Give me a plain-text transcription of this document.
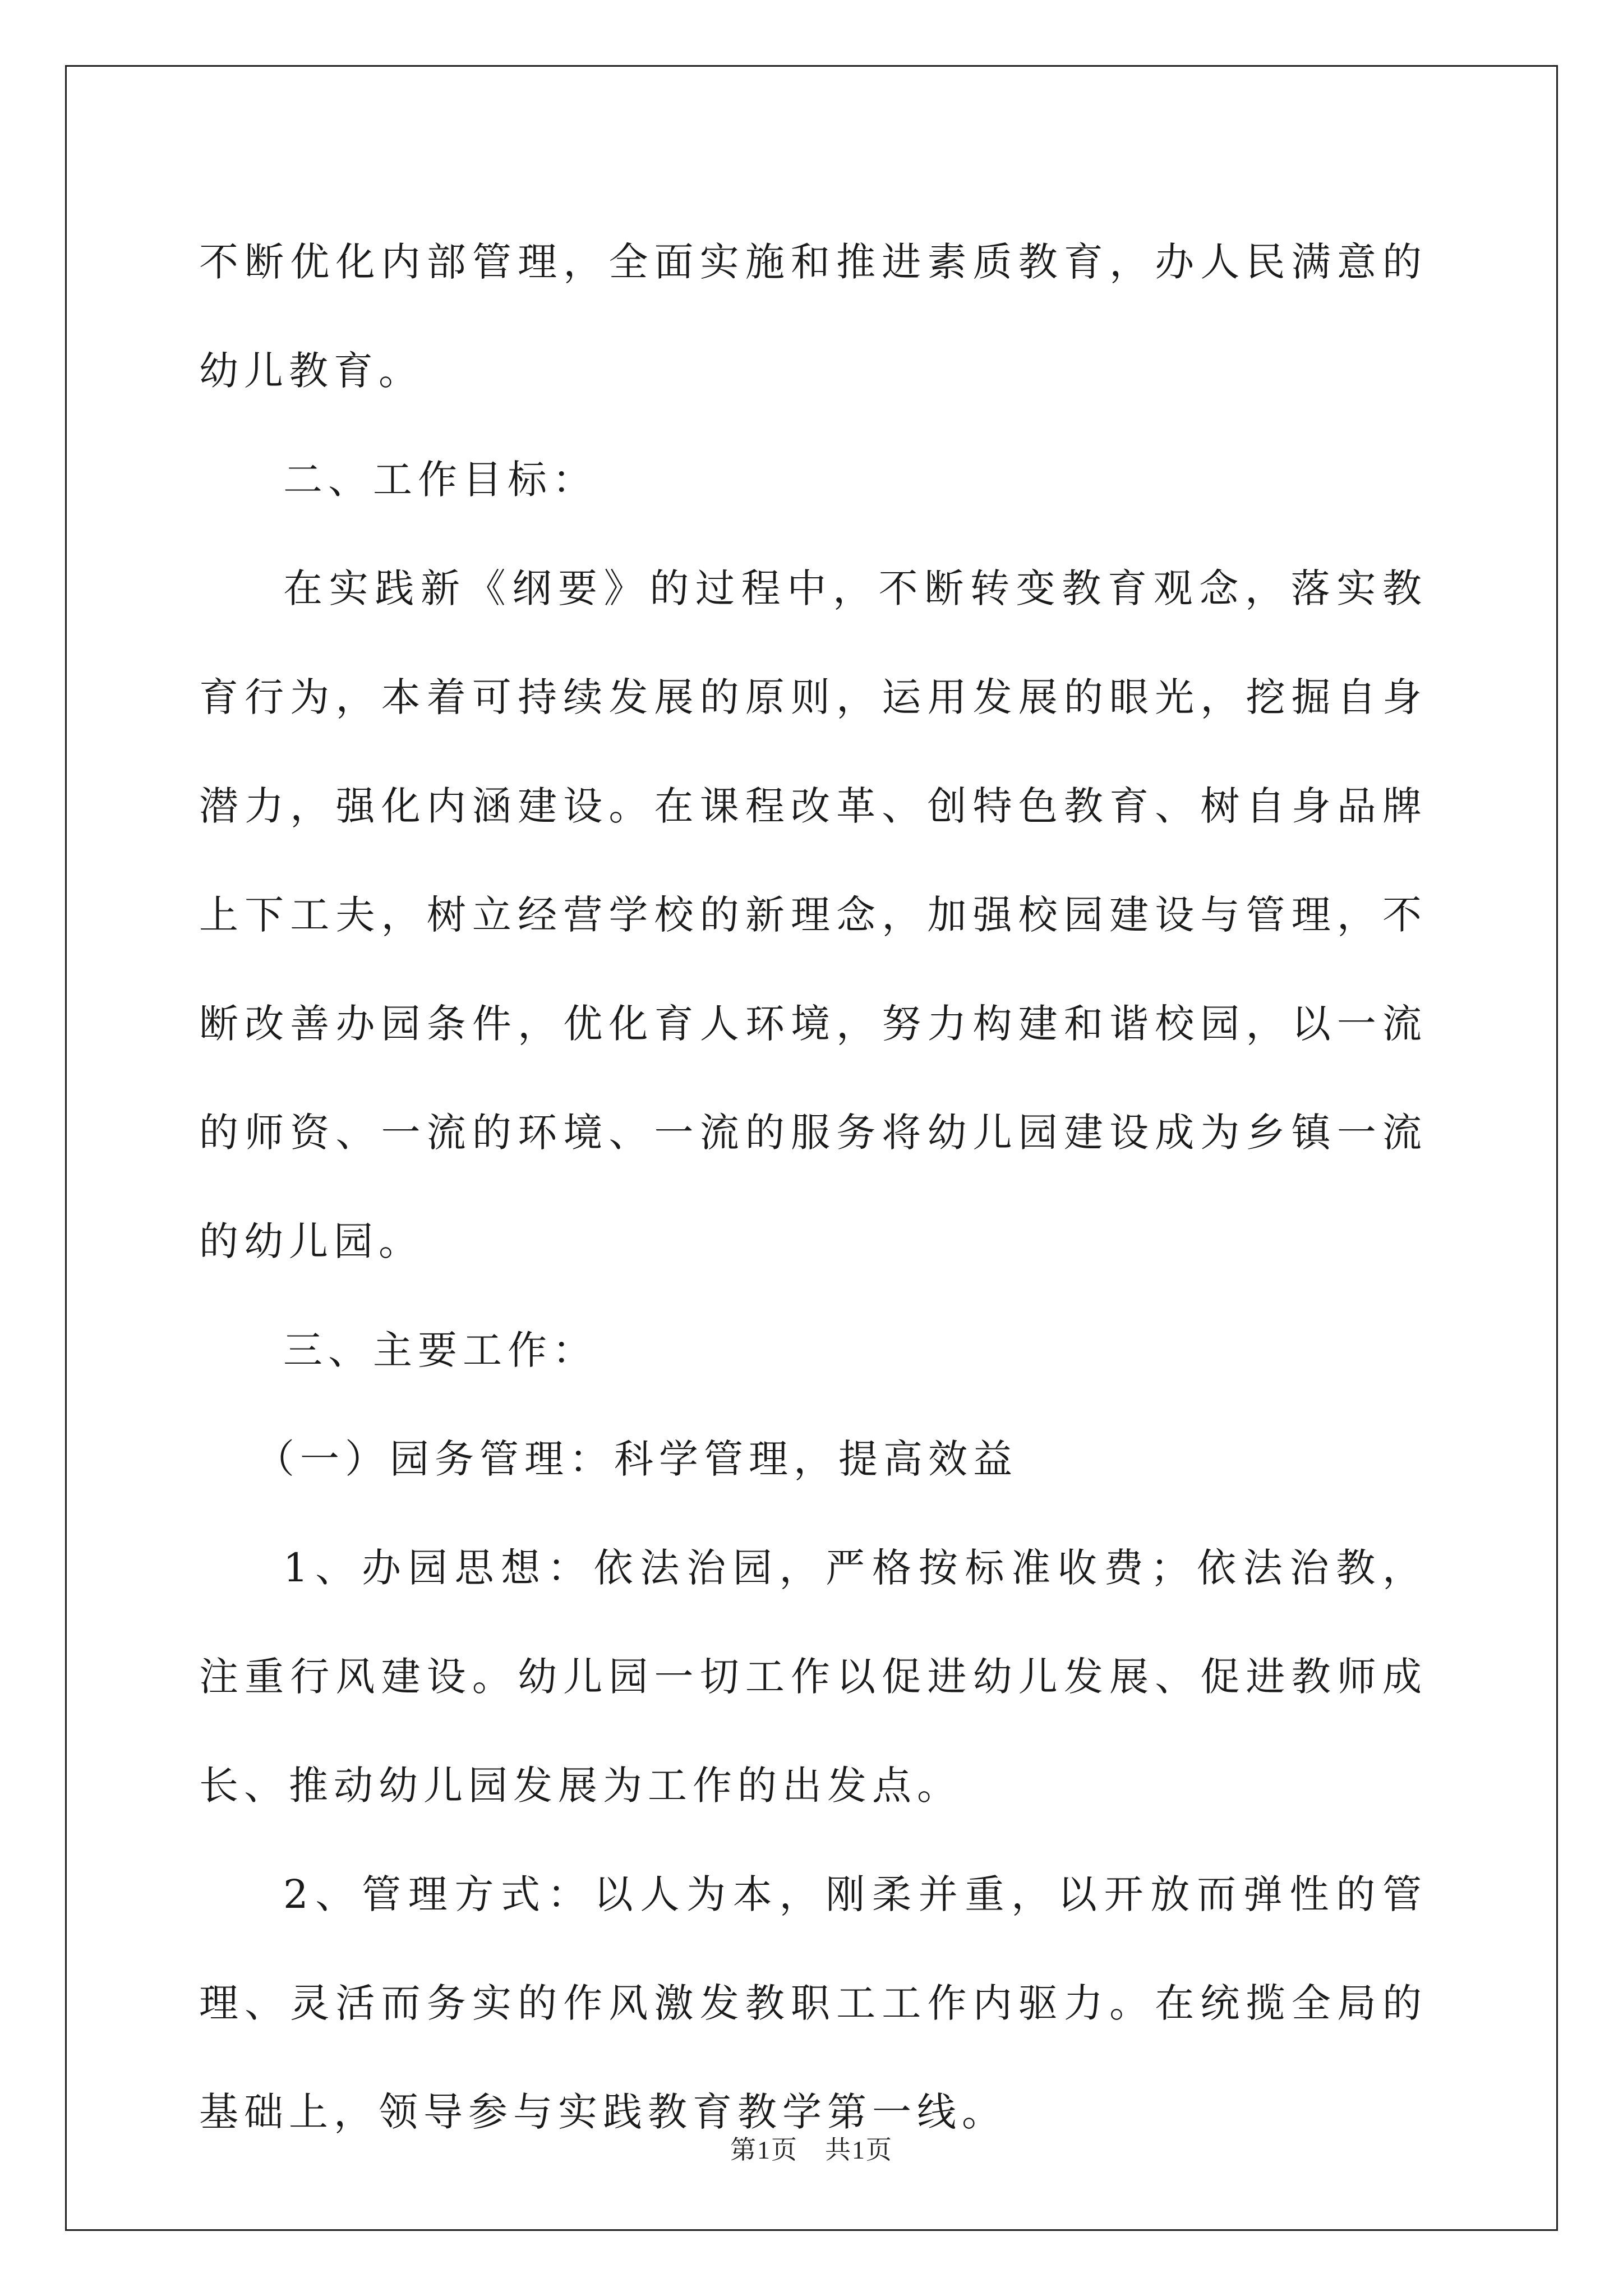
不断优化内部管理，全面实施和推进素质教育，办人民满意的幼儿教育。

二、工作目标：

在实践新《纲要》的过程中，不断转变教育观念，落实教育行为，本着可持续发展的原则，运用发展的眼光，挖掘自身潜力，强化内涵建设。在课程改革、创特色教育、树自身品牌上下工夫，树立经营学校的新理念，加强校园建设与管理，不断改善办园条件，优化育人环境，努力构建和谐校园，以一流的师资、一流的环境、一流的服务将幼儿园建设成为乡镇一流的幼儿园。

三、主要工作：

（一）园务管理：科学管理，提高效益

1、办园思想：依法治园，严格按标准收费；依法治教，注重行风建设。幼儿园一切工作以促进幼儿发展、促进教师成长、推动幼儿园发展为工作的出发点。

2、管理方式：以人为本，刚柔并重，以开放而弹性的管理、灵活而务实的作风激发教职工工作内驱力。在统揽全局的基础上，领导参与实践教育教学第一线。

第1页　共1页
